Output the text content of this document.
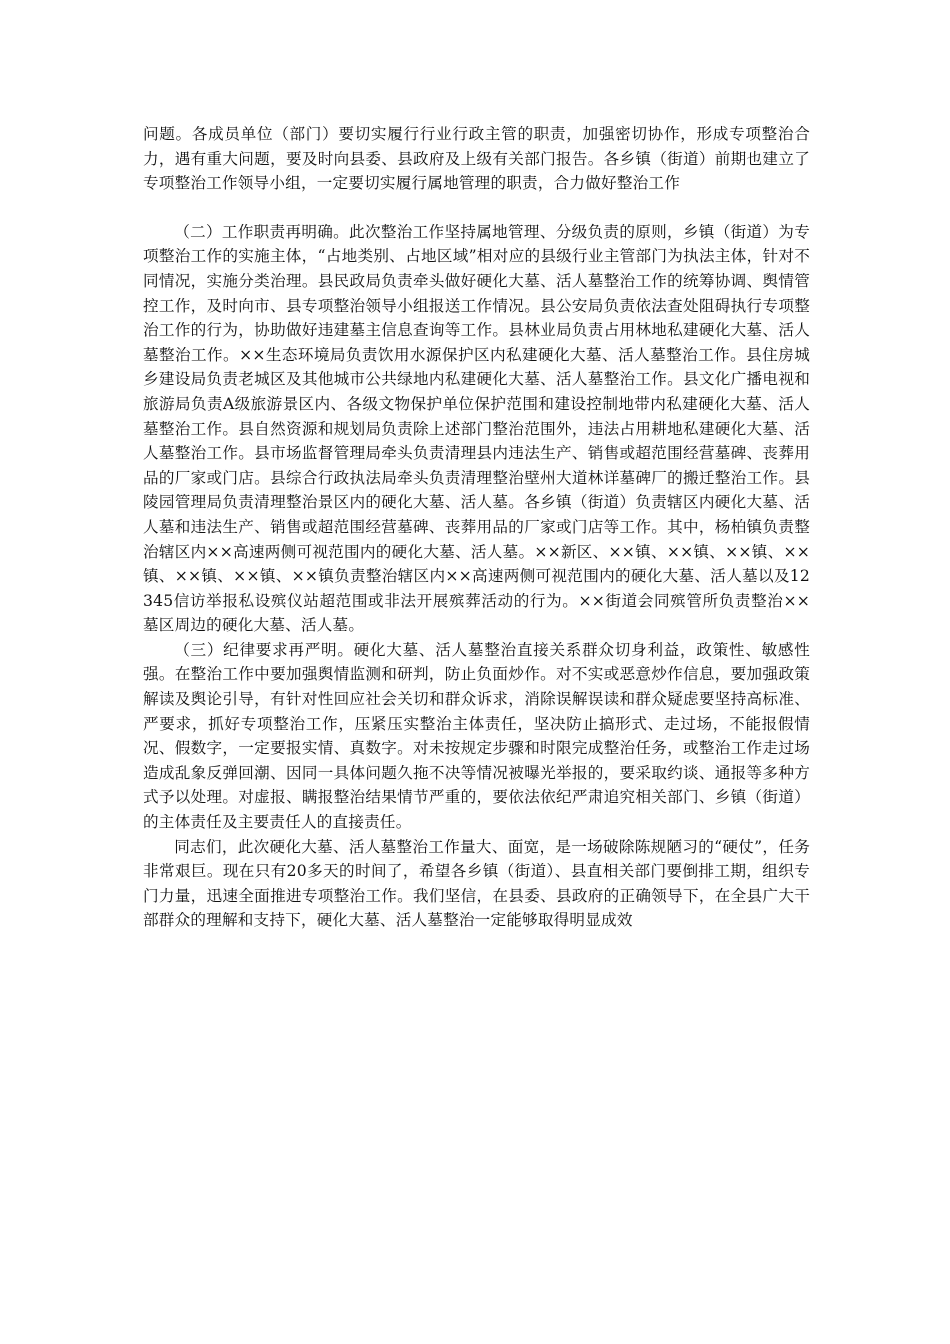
问题。各成员单位（部门）要切实履行行业行政主管的职责，加强密切协作，形成专项整治合力，遇有重大问题，要及时向县委、县政府及上级有关部门报告。各乡镇（街道）前期也建立了专项整治工作领导小组，一定要切实履行属地管理的职责，合力做好整治工作

（二）工作职责再明确。此次整治工作坚持属地管理、分级负责的原则，乡镇（街道）为专项整治工作的实施主体，“占地类别、占地区域”相对应的县级行业主管部门为执法主体，针对不同情况，实施分类治理。县民政局负责牵头做好硬化大墓、活人墓整治工作的统筹协调、舆情管控工作，及时向市、县专项整治领导小组报送工作情况。县公安局负责依法查处阻碍执行专项整治工作的行为，协助做好违建墓主信息查询等工作。县林业局负责占用林地私建硬化大墓、活人墓整治工作。××生态环境局负责饮用水源保护区内私建硬化大墓、活人墓整治工作。县住房城乡建设局负责老城区及其他城市公共绿地内私建硬化大墓、活人墓整治工作。县文化广播电视和旅游局负责A级旅游景区内、各级文物保护单位保护范围和建设控制地带内私建硬化大墓、活人墓整治工作。县自然资源和规划局负责除上述部门整治范围外，违法占用耕地私建硬化大墓、活人墓整治工作。县市场监督管理局牵头负责清理县内违法生产、销售或超范围经营墓碑、丧葬用品的厂家或门店。县综合行政执法局牵头负责清理整治壁州大道林详墓碑厂的搬迁整治工作。县陵园管理局负责清理整治景区内的硬化大墓、活人墓。各乡镇（街道）负责辖区内硬化大墓、活人墓和违法生产、销售或超范围经营墓碑、丧葬用品的厂家或门店等工作。其中，杨柏镇负责整治辖区内××高速两侧可视范围内的硬化大墓、活人墓。××新区、××镇、××镇、××镇、××镇、××镇、××镇、××镇负责整治辖区内××高速两侧可视范围内的硬化大墓、活人墓以及12345信访举报私设殡仪站超范围或非法开展殡葬活动的行为。××街道会同殡管所负责整治××墓区周边的硬化大墓、活人墓。

（三）纪律要求再严明。硬化大墓、活人墓整治直接关系群众切身利益，政策性、敏感性强。在整治工作中要加强舆情监测和研判，防止负面炒作。对不实或恶意炒作信息，要加强政策解读及舆论引导，有针对性回应社会关切和群众诉求，消除误解误读和群众疑虑要坚持高标准、严要求，抓好专项整治工作，压紧压实整治主体责任，坚决防止搞形式、走过场，不能报假情况、假数字，一定要报实情、真数字。对未按规定步骤和时限完成整治任务，或整治工作走过场造成乱象反弹回潮、因同一具体问题久拖不决等情况被曝光举报的，要采取约谈、通报等多种方式予以处理。对虚报、瞒报整治结果情节严重的，要依法依纪严肃追究相关部门、乡镇（街道）的主体责任及主要责任人的直接责任。

同志们，此次硬化大墓、活人墓整治工作量大、面宽，是一场破除陈规陋习的“硬仗”，任务非常艰巨。现在只有20多天的时间了，希望各乡镇（街道）、县直相关部门要倒排工期，组织专门力量，迅速全面推进专项整治工作。我们坚信，在县委、县政府的正确领导下，在全县广大干部群众的理解和支持下，硬化大墓、活人墓整治一定能够取得明显成效
